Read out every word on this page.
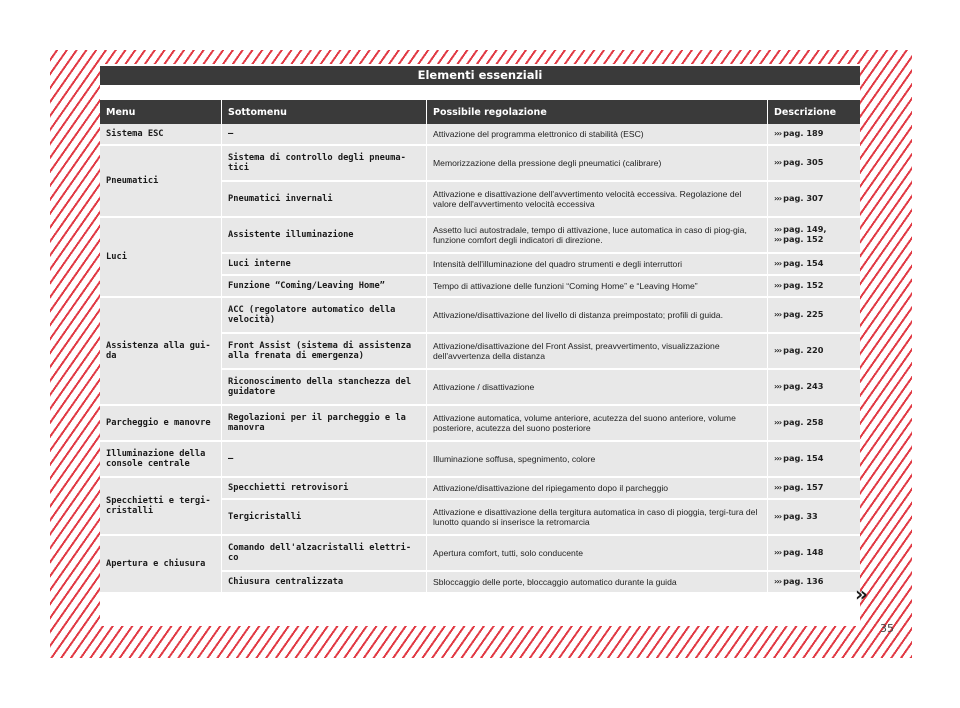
Elementi essenziali
Menu	Sottomenu	Possibile regolazione	Descrizione
Sistema ESC	–	Attivazione del programma elettronico di stabilità (ESC)	››› pag. 189

Pneumatici	Sistema di controllo degli pneuma-tici	Memorizzazione della pressione degli pneumatici (calibrare)	››› pag. 305

	Pneumatici invernali	Attivazione e disattivazione dell'avvertimento velocità eccessiva. Regolazione del valore dell'avvertimento velocità eccessiva	››› pag. 307

Luci	Assistente illuminazione	Assetto luci autostradale, tempo di attivazione, luce automatica in caso di piog-gia, funzione comfort degli indicatori di direzione.	››› pag. 149,
››› pag. 152

	Luci interne	Intensità dell'illuminazione del quadro strumenti e degli interruttori	››› pag. 154

	Funzione “Coming/Leaving Home”	Tempo di attivazione delle funzioni “Coming Home” e “Leaving Home”	››› pag. 152

Assistenza alla gui-da	ACC (regolatore automatico della velocità)	Attivazione/disattivazione del livello di distanza preimpostato; profili di guida.	››› pag. 225

	Front Assist (sistema di assistenza alla frenata di emergenza)	Attivazione/disattivazione del Front Assist, preavvertimento, visualizzazione dell'avvertenza della distanza	››› pag. 220

	Riconoscimento della stanchezza del guidatore	Attivazione / disattivazione	››› pag. 243

Parcheggio e manovre	Regolazioni per il parcheggio e la manovra	Attivazione automatica, volume anteriore, acutezza del suono anteriore, volume posteriore, acutezza del suono posteriore	››› pag. 258

Illuminazione della console centrale	–	Illuminazione soffusa, spegnimento, colore	››› pag. 154

Specchietti e tergi-cristalli	Specchietti retrovisori	Attivazione/disattivazione del ripiegamento dopo il parcheggio	››› pag. 157

	Tergicristalli	Attivazione e disattivazione della tergitura automatica in caso di pioggia, tergi-tura del lunotto quando si inserisce la retromarcia	››› pag. 33

Apertura e chiusura	Comando dell'alzacristalli elettri-co	Apertura comfort, tutti, solo conducente	››› pag. 148

	Chiusura centralizzata	Sbloccaggio delle porte, bloccaggio automatico durante la guida	››› pag. 136
»
35
